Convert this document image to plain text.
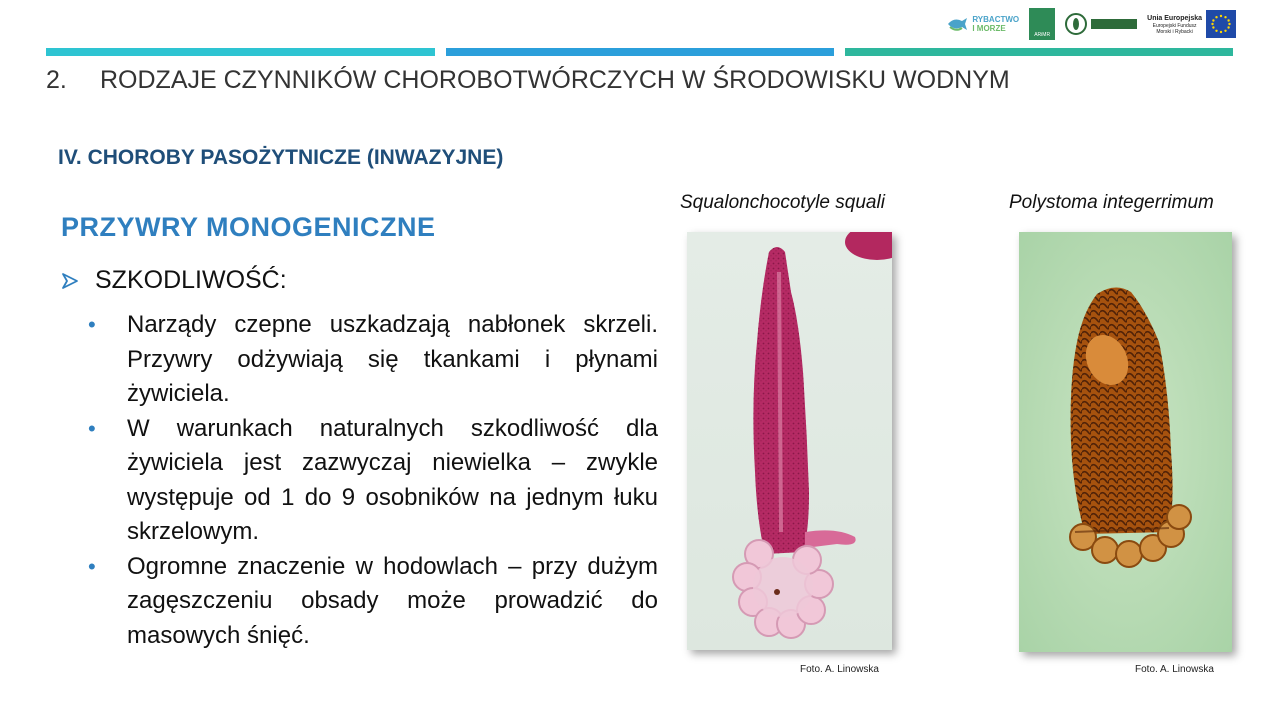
RYBACTWO
I MORZE
ARiMR
Unia Europejska
Europejski Fundusz
Morski i Rybacki
2. RODZAJE CZYNNIKÓW CHOROBOTWÓRCZYCH W ŚRODOWISKU WODNYM
IV. CHOROBY PASOŻYTNICZE (INWAZYJNE)
PRZYWRY MONOGENICZNE
SZKODLIWOŚĆ:
• Narządy czepne uszkadzają nabłonek skrzeli. Przywry odżywiają się tkankami i płynami żywiciela.
• W warunkach naturalnych szkodliwość dla żywiciela jest zazwyczaj niewielka – zwykle występuje od 1 do 9 osobników na jednym łuku skrzelowym.
• Ogromne znaczenie w hodowlach – przy dużym zagęszczeniu obsady może prowadzić do masowych śnięć.
Squalonchocotyle squali	Polystoma integerrimum
Foto. A. Linowska	Foto. A. Linowska
